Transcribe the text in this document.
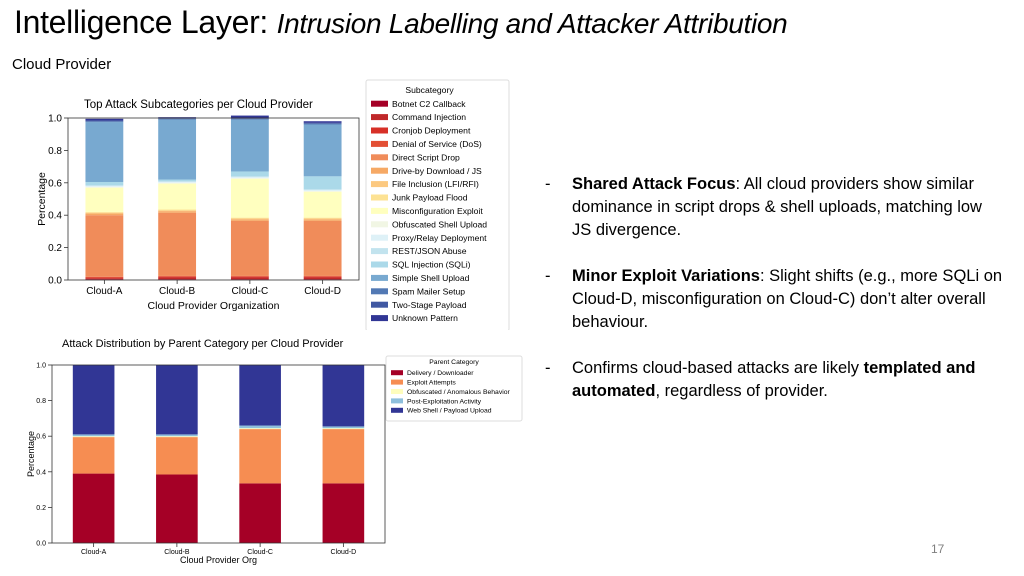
Intelligence Layer: Intrusion Labelling and Attacker Attribution
Cloud Provider
Top Attack Subcategories per Cloud Provider
0.0
0.2
0.4
0.6
0.8
1.0
Cloud-A	Cloud-B	Cloud-C	Cloud-D
Cloud Provider Organization
Percentage
Subcategory
Botnet C2 Callback
Command Injection
Cronjob Deployment
Denial of Service (DoS)
Direct Script Drop
Drive-by Download / JS
File Inclusion (LFI/RFI)
Junk Payload Flood
Misconfiguration Exploit
Obfuscated Shell Upload
Proxy/Relay Deployment
REST/JSON Abuse
SQL Injection (SQLi)
Simple Shell Upload
Spam Mailer Setup
Two-Stage Payload
Unknown Pattern
Attack Distribution by Parent Category per Cloud Provider
0.0
0.2
0.4
0.6
0.8
1.0
Cloud-A	Cloud-B	Cloud-C	Cloud-D
Cloud Provider Org
Percentage
Parent Category
Delivery / Downloader
Exploit Attempts
Obfuscated / Anomalous Behavior
Post-Exploitation Activity
Web Shell / Payload Upload
- Shared Attack Focus: All cloud providers show similar dominance in script drops & shell uploads, matching low JS divergence.
- Minor Exploit Variations: Slight shifts (e.g., more SQLi on Cloud-D, misconfiguration on Cloud-C) don’t alter overall behaviour.
- Confirms cloud-based attacks are likely templated and automated, regardless of provider.
17
